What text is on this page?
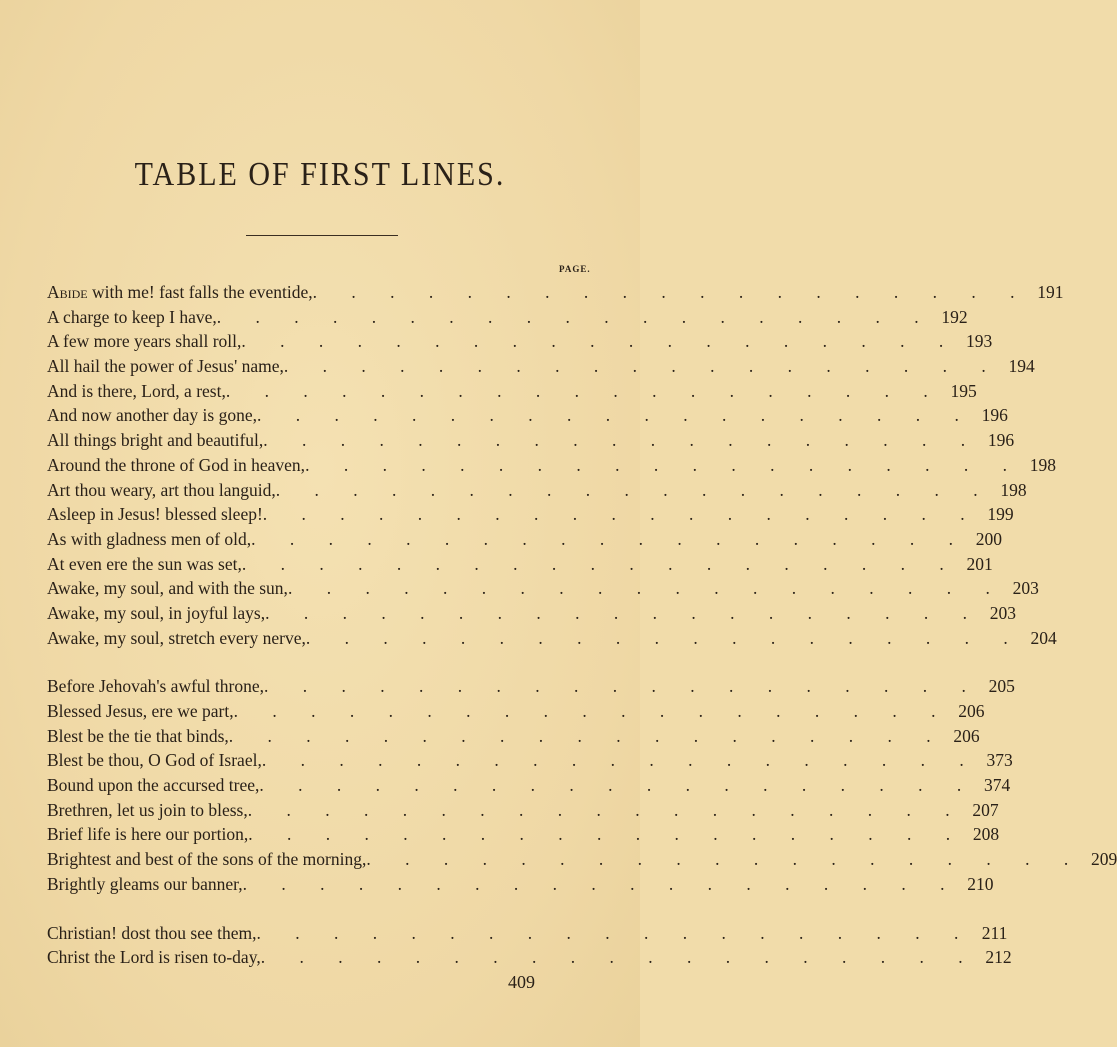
TABLE OF FIRST LINES.
PAGE.
Abide with me! fast falls the eventide, . . . . . . . . . . . . . . . . . . . 191
A charge to keep I have, . . . . . . . . . . . . . . . . . . . 192
A few more years shall roll, . . . . . . . . . . . . . . . . . . . 193
All hail the power of Jesus' name, . . . . . . . . . . . . . . . . . . . 194
And is there, Lord, a rest, . . . . . . . . . . . . . . . . . . . 195
And now another day is gone, . . . . . . . . . . . . . . . . . . . 196
All things bright and beautiful, . . . . . . . . . . . . . . . . . . . 196
Around the throne of God in heaven, . . . . . . . . . . . . . . . . . . . 198
Art thou weary, art thou languid, . . . . . . . . . . . . . . . . . . . 198
Asleep in Jesus! blessed sleep! . . . . . . . . . . . . . . . . . . . 199
As with gladness men of old, . . . . . . . . . . . . . . . . . . . 200
At even ere the sun was set, . . . . . . . . . . . . . . . . . . . 201
Awake, my soul, and with the sun, . . . . . . . . . . . . . . . . . . . 203
Awake, my soul, in joyful lays, . . . . . . . . . . . . . . . . . . . 203
Awake, my soul, stretch every nerve, . . . . . . . . . . . . . . . . . . . 204
Before Jehovah's awful throne, . . . . . . . . . . . . . . . . . . . 205
Blessed Jesus, ere we part, . . . . . . . . . . . . . . . . . . . 206
Blest be the tie that binds, . . . . . . . . . . . . . . . . . . . 206
Blest be thou, O God of Israel, . . . . . . . . . . . . . . . . . . . 373
Bound upon the accursed tree, . . . . . . . . . . . . . . . . . . . 374
Brethren, let us join to bless, . . . . . . . . . . . . . . . . . . . 207
Brief life is here our portion, . . . . . . . . . . . . . . . . . . . 208
Brightest and best of the sons of the morning, . . . . . . . . . . . . . . . . . . . 209
Brightly gleams our banner, . . . . . . . . . . . . . . . . . . . 210
Christian! dost thou see them, . . . . . . . . . . . . . . . . . . . 211
Christ the Lord is risen to-day, . . . . . . . . . . . . . . . . . . . 212
409
